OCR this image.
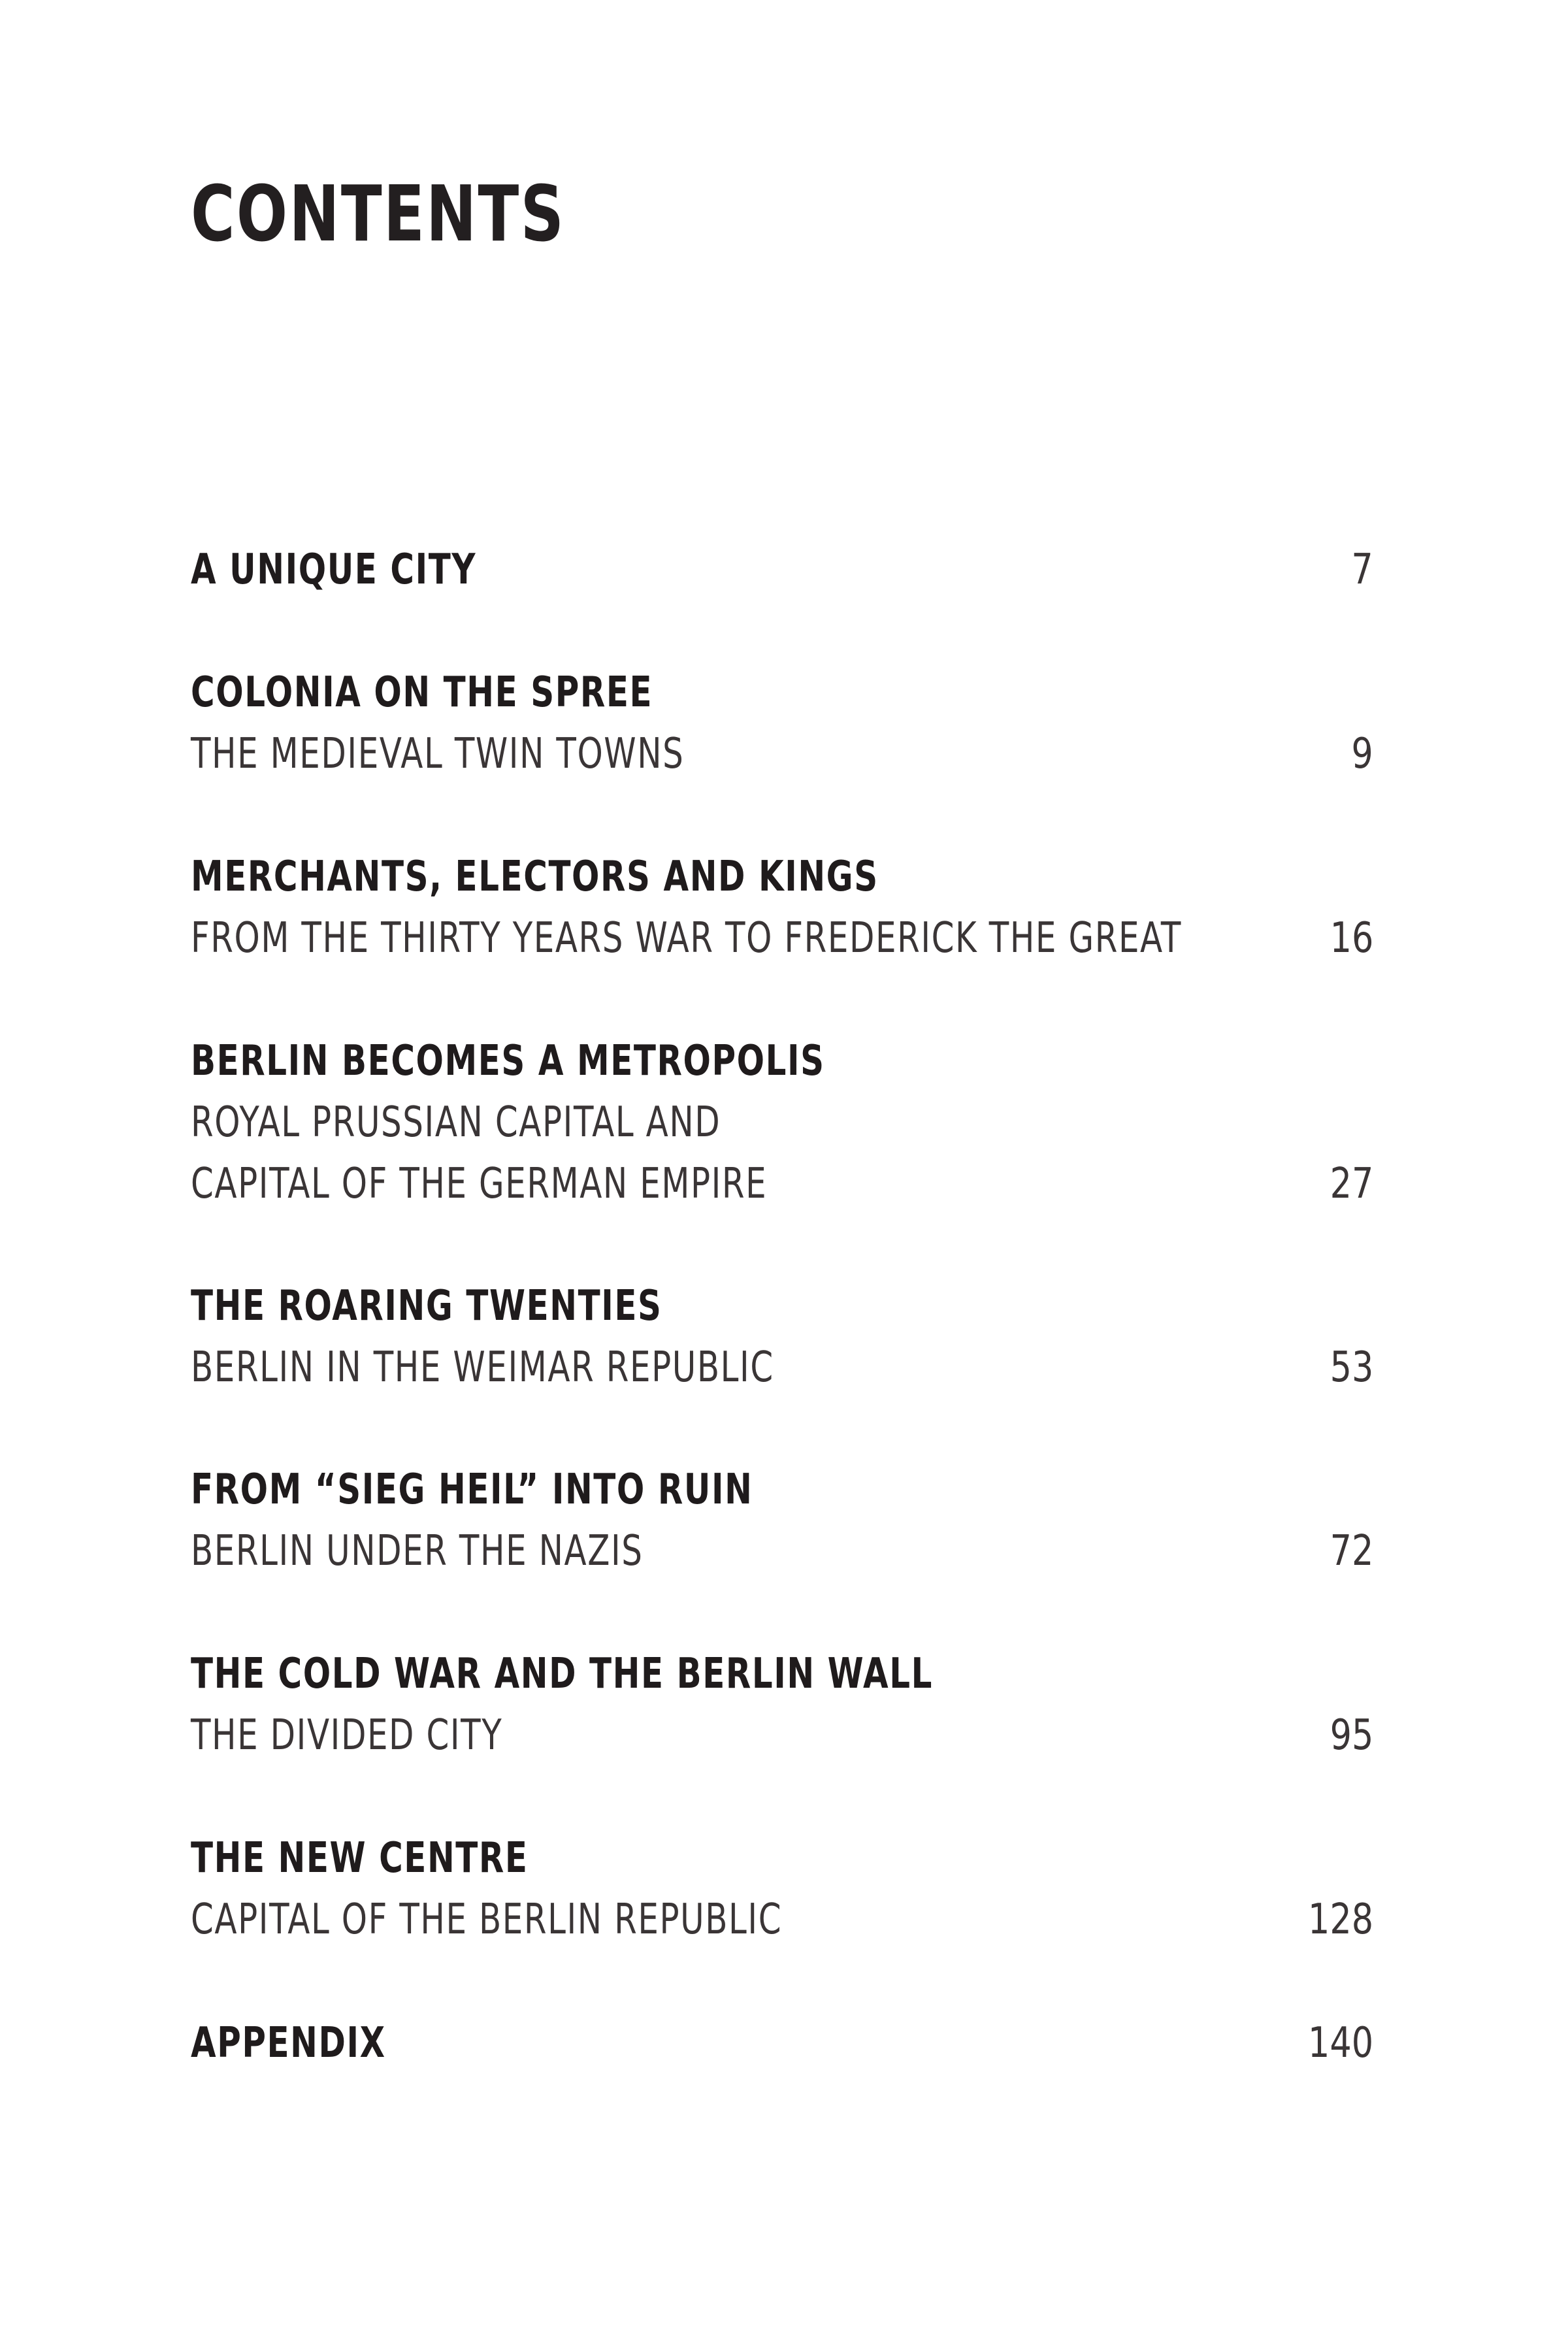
CONTENTS
A UNIQUE CITY	7
COLONIA ON THE SPREE
THE MEDIEVAL TWIN TOWNS	9
MERCHANTS, ELECTORS AND KINGS
FROM THE THIRTY YEARS WAR TO FREDERICK THE GREAT	16
BERLIN BECOMES A METROPOLIS
ROYAL PRUSSIAN CAPITAL AND
CAPITAL OF THE GERMAN EMPIRE	27
THE ROARING TWENTIES
BERLIN IN THE WEIMAR REPUBLIC	53
FROM “SIEG HEIL” INTO RUIN
BERLIN UNDER THE NAZIS	72
THE COLD WAR AND THE BERLIN WALL
THE DIVIDED CITY	95
THE NEW CENTRE
CAPITAL OF THE BERLIN REPUBLIC	128
APPENDIX	140
